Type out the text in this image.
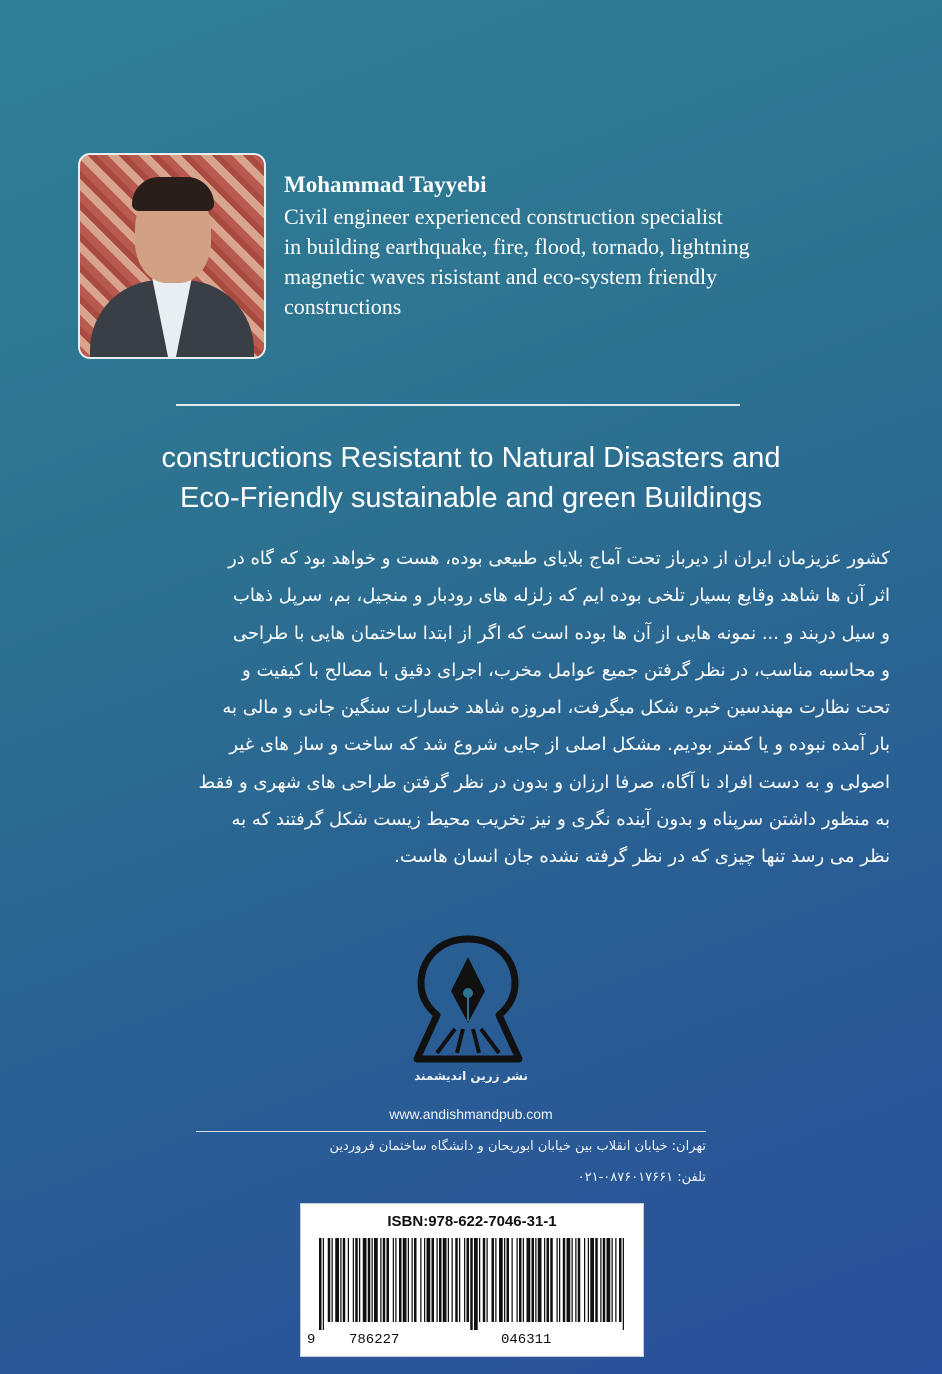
Mohammad Tayyebi
Civil engineer experienced construction specialist
in building earthquake, fire, flood, tornado, lightning
magnetic waves risistant and eco-system friendly
constructions
constructions Resistant to Natural Disasters and
Eco-Friendly sustainable and green Buildings
کشور عزیزمان ایران از دیرباز تحت آماج بلایای طبیعی بوده، هست و خواهد بود که گاه در
اثر آن ها شاهد وقایع بسیار تلخی بوده ایم که زلزله های رودبار و منجیل، بم، سرپل ذهاب
و سیل دربند و ... نمونه هایی از آن ها بوده است که اگر از ابتدا ساختمان هایی با طراحی
و محاسبه مناسب، در نظر گرفتن جمیع عوامل مخرب، اجرای دقیق با مصالح با کیفیت و
تحت نظارت مهندسین خبره شکل میگرفت، امروزه شاهد خسارات سنگین جانی و مالی به
بار آمده نبوده و یا کمتر بودیم. مشکل اصلی از جایی شروع شد که ساخت و ساز های غیر
اصولی و به دست افراد نا آگاه، صرفا ارزان و بدون در نظر گرفتن طراحی های شهری و فقط
به منظور داشتن سرپناه و بدون آینده نگری و نیز تخریب محیط زیست شکل گرفتند که به
نظر می رسد تنها چیزی که در نظر گرفته نشده جان انسان هاست.
نشر زرین اندیشمند
www.andishmandpub.com
تهران: خیابان انقلاب بین خیابان ابوریحان و دانشگاه ساختمان فروردین
تلفن: ۰۸۷۶۰۱۷۶۶۱-۰۲۱
ISBN:978-622-7046-31-1
9 786227	046311
